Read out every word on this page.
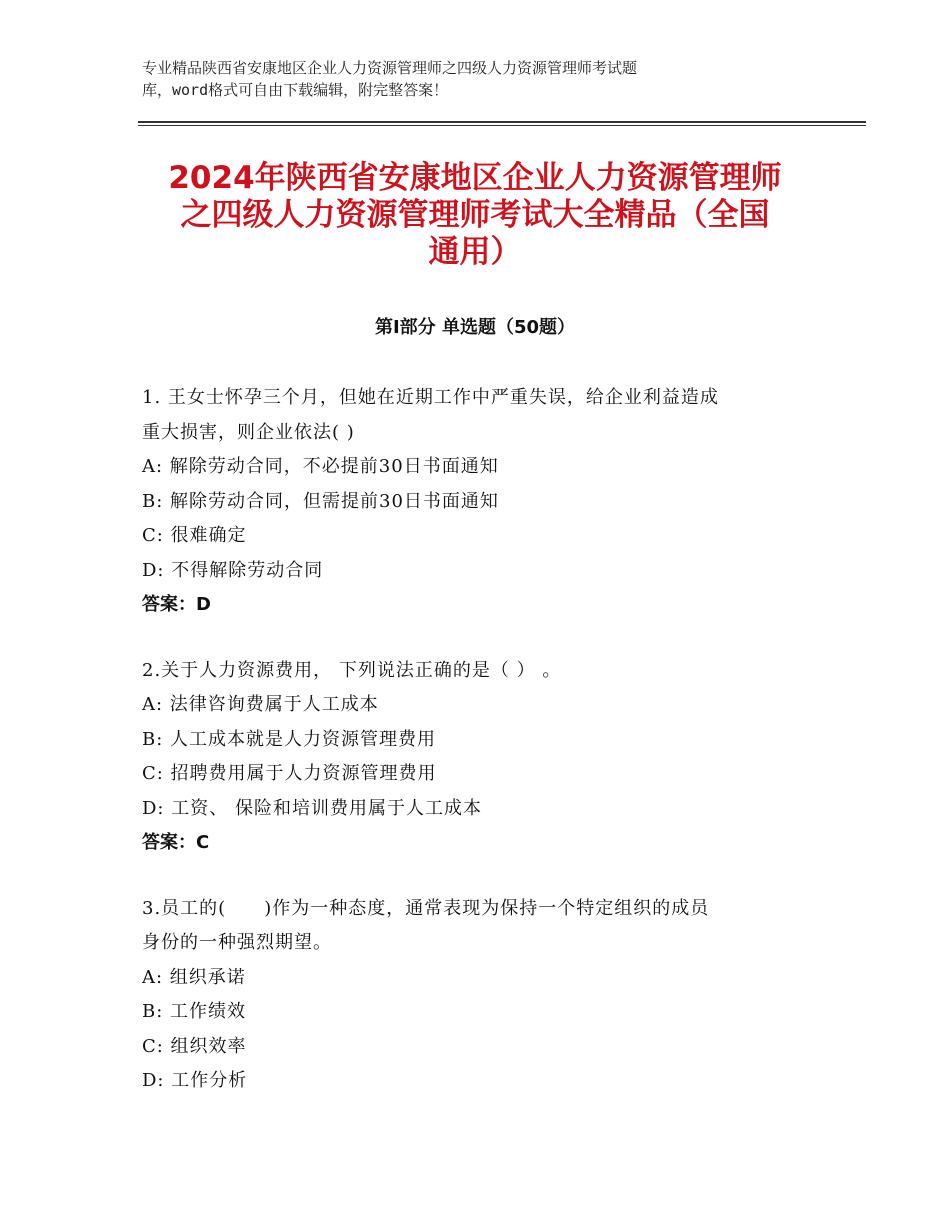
专业精品陕西省安康地区企业人力资源管理师之四级人力资源管理师考试题
库，word格式可自由下载编辑，附完整答案！
2024年陕西省安康地区企业人力资源管理师
之四级人力资源管理师考试大全精品（全国
通用）
第Ⅰ部分 单选题（50题）
1. 王女士怀孕三个月，但她在近期工作中严重失误，给企业利益造成
重大损害，则企业依法( )
A: 解除劳动合同，不必提前30日书面通知
B: 解除劳动合同，但需提前30日书面通知
C: 很难确定
D: 不得解除劳动合同
答案：D
2.关于人力资源费用， 下列说法正确的是（ ） 。
A: 法律咨询费属于人工成本
B: 人工成本就是人力资源管理费用
C: 招聘费用属于人力资源管理费用
D: 工资、 保险和培训费用属于人工成本
答案：C
3.员工的(　　)作为一种态度，通常表现为保持一个特定组织的成员
身份的一种强烈期望。
A: 组织承诺
B: 工作绩效
C: 组织效率
D: 工作分析
